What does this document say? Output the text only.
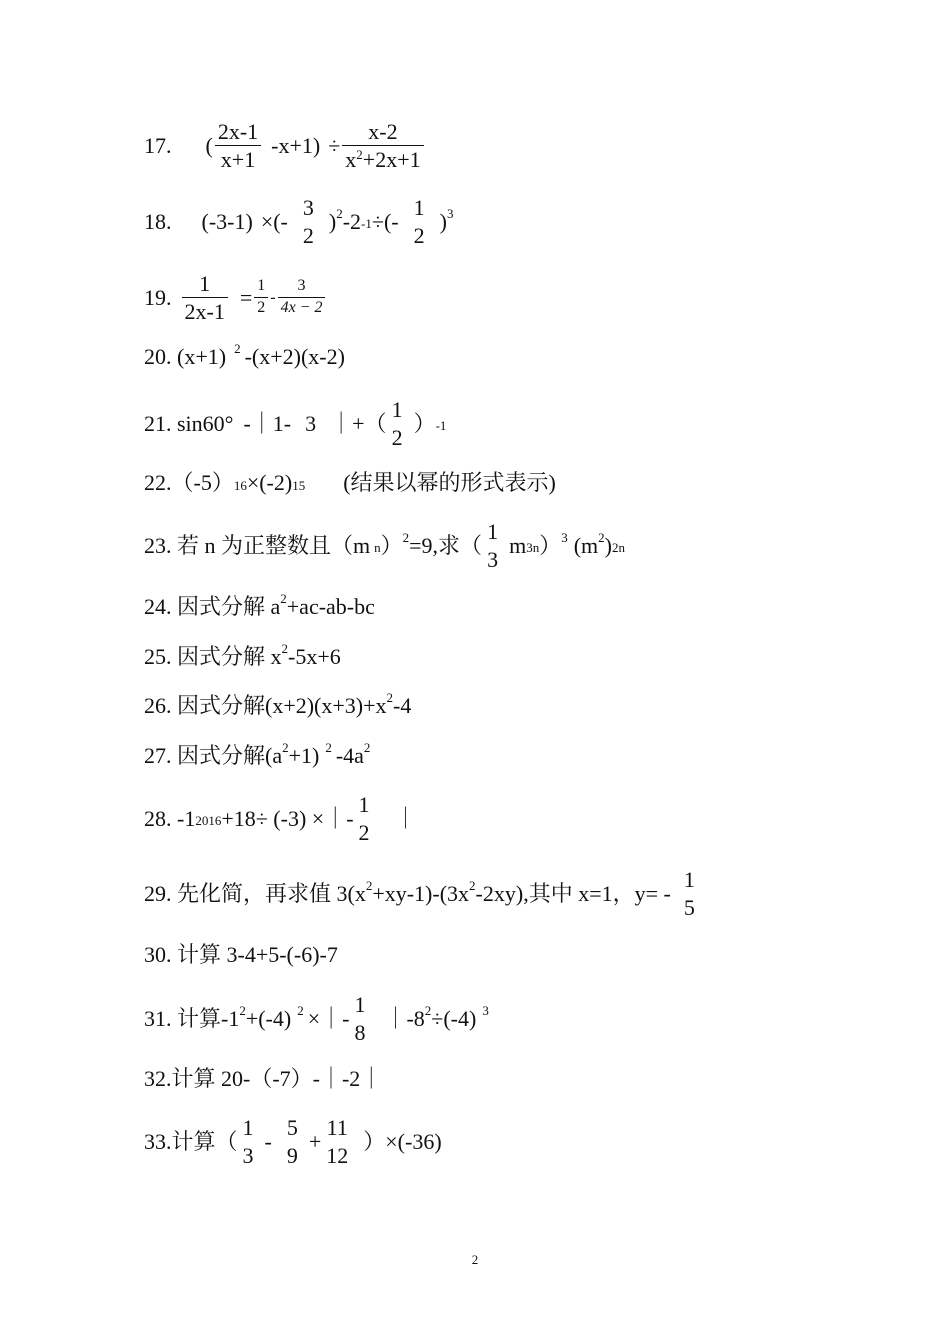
17. ( $\frac{2x-1}{x+1} -x+1) \div \frac{x-2}{x^2+2x+1}$
18. (-3-1) ×(-
3
2
)$^2$ -2 -1 ÷(-
1
2
)$^3$
19. $\frac{1}{2x-1} = \frac{1}{2} - \frac{3}{4x - 2}$
20. (x+1) $^2$ -(x+2)(x-2)
21. sin60° -｜1- 3 ｜+（
1
2
） -1
22.（-5） 16 ×(-2) 15 (结果以幂的形式表示)
23. 若 n 为正整数且（m n ）$^2$ =9,求（
1
3
m 3n ）$^3$ ($m^2$ ) 2n
24. 因式分解 $a^2 +ac-ab-bc$
25. 因式分解 $x^2$ -5x+6
26. 因式分解$(x+2)(x+3)+x^2$ -4
27. 因式分解$(a^2 +1)$ $^2$ $-4a^2$
28. -1 2016 +18÷ (-3) ×｜-
1
2
｜
29. 先化简，再求值 $3(x^2 +xy-1)-(3x^2$ -2xy),其中 x=1，y= -
1
5
30. 计算 3-4+5-(-6)-7
31. 计算$-1^2 +(-4)$ $^2$ ×｜-
1
8
$|-8^2 \div(-4)$ $^3$
32.计算 20-（-7）-｜-2｜
33.计算（
1
3
-
5
9
+
11
12
）×(-36)
2
